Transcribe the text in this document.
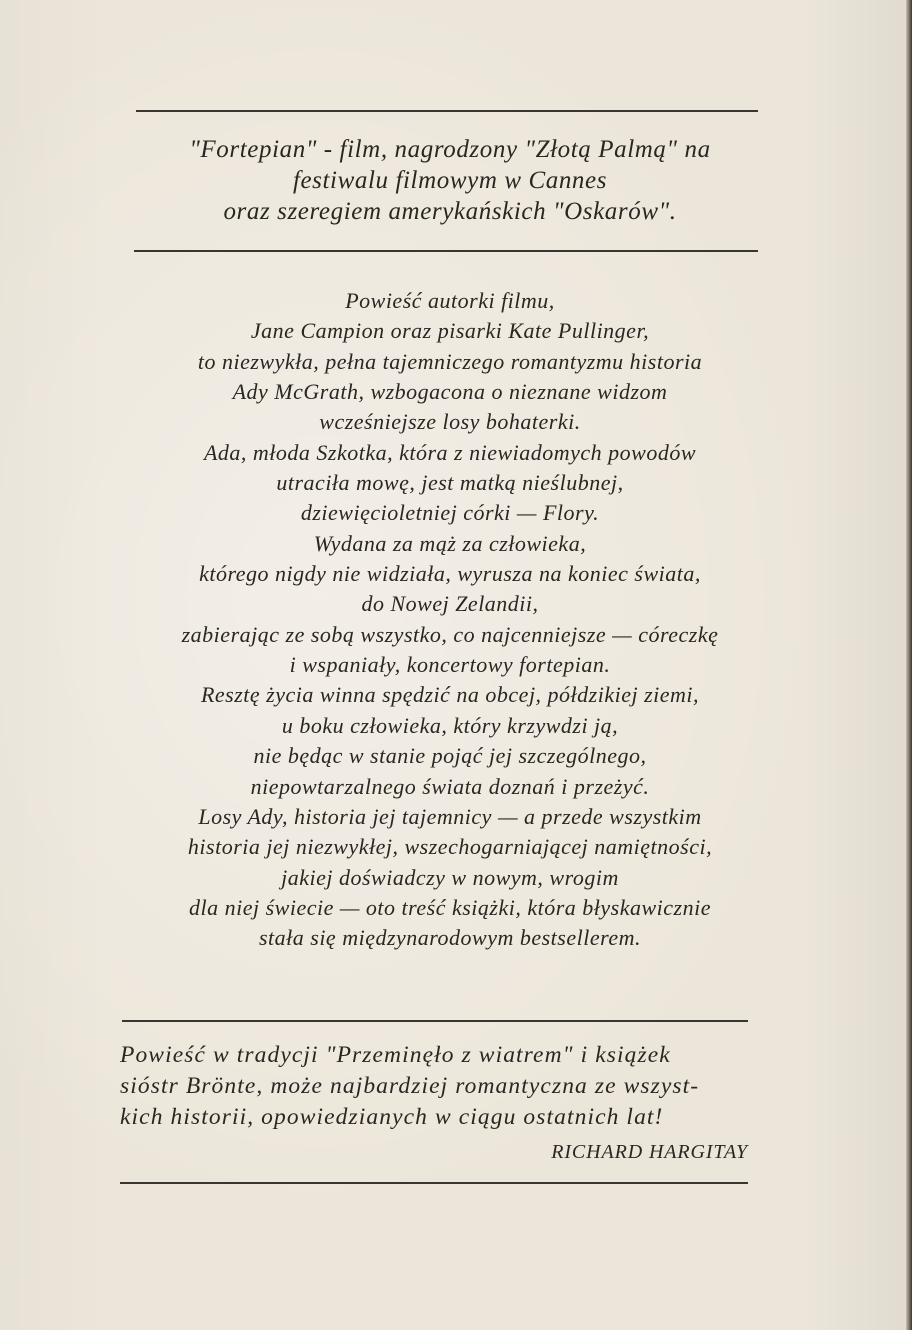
"Fortepian" - film, nagrodzony "Złotą Palmą" na
festiwalu filmowym w Cannes
oraz szeregiem amerykańskich "Oskarów".
Powieść autorki filmu,
Jane Campion oraz pisarki Kate Pullinger,
to niezwykła, pełna tajemniczego romantyzmu historia
Ady McGrath, wzbogacona o nieznane widzom
wcześniejsze losy bohaterki.
Ada, młoda Szkotka, która z niewiadomych powodów
utraciła mowę, jest matką nieślubnej,
dziewięcioletniej córki — Flory.
Wydana za mąż za człowieka,
którego nigdy nie widziała, wyrusza na koniec świata,
do Nowej Zelandii,
zabierając ze sobą wszystko, co najcenniejsze — córeczkę
i wspaniały, koncertowy fortepian.
Resztę życia winna spędzić na obcej, półdzikiej ziemi,
u boku człowieka, który krzywdzi ją,
nie będąc w stanie pojąć jej szczególnego,
niepowtarzalnego świata doznań i przeżyć.
Losy Ady, historia jej tajemnicy — a przede wszystkim
historia jej niezwykłej, wszechogarniającej namiętności,
jakiej doświadczy w nowym, wrogim
dla niej świecie — oto treść książki, która błyskawicznie
stała się międzynarodowym bestsellerem.
Powieść w tradycji "Przeminęło z wiatrem" i książek
sióstr Brönte, może najbardziej romantyczna ze wszyst-
kich historii, opowiedzianych w ciągu ostatnich lat!
RICHARD HARGITAY
